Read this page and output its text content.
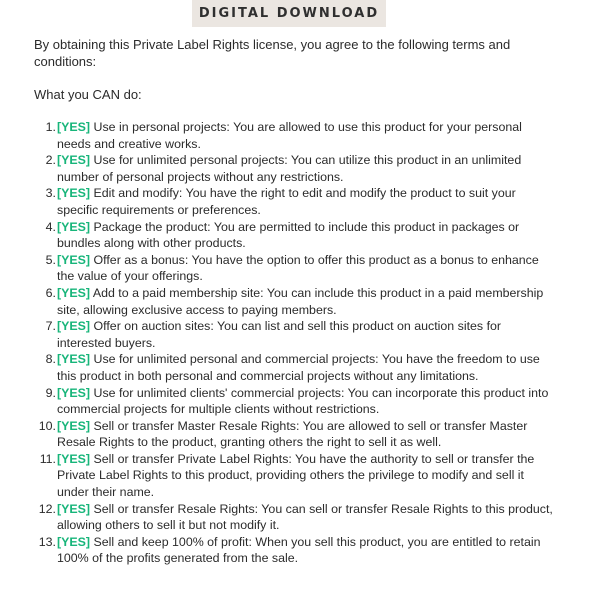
DIGITAL DOWNLOAD

By obtaining this Private Label Rights license, you agree to the following terms and conditions:

What you CAN do:

1. [YES] Use in personal projects: You are allowed to use this product for your personal needs and creative works.
2. [YES] Use for unlimited personal projects: You can utilize this product in an unlimited number of personal projects without any restrictions.
3. [YES] Edit and modify: You have the right to edit and modify the product to suit your specific requirements or preferences.
4. [YES] Package the product: You are permitted to include this product in packages or bundles along with other products.
5. [YES] Offer as a bonus: You have the option to offer this product as a bonus to enhance the value of your offerings.
6. [YES] Add to a paid membership site: You can include this product in a paid membership site, allowing exclusive access to paying members.
7. [YES] Offer on auction sites: You can list and sell this product on auction sites for interested buyers.
8. [YES] Use for unlimited personal and commercial projects: You have the freedom to use this product in both personal and commercial projects without any limitations.
9. [YES] Use for unlimited clients' commercial projects: You can incorporate this product into commercial projects for multiple clients without restrictions.
10. [YES] Sell or transfer Master Resale Rights: You are allowed to sell or transfer Master Resale Rights to the product, granting others the right to sell it as well.
11. [YES] Sell or transfer Private Label Rights: You have the authority to sell or transfer the Private Label Rights to this product, providing others the privilege to modify and sell it under their name.
12. [YES] Sell or transfer Resale Rights: You can sell or transfer Resale Rights to this product, allowing others to sell it but not modify it.
13. [YES] Sell and keep 100% of profit: When you sell this product, you are entitled to retain 100% of the profits generated from the sale.
